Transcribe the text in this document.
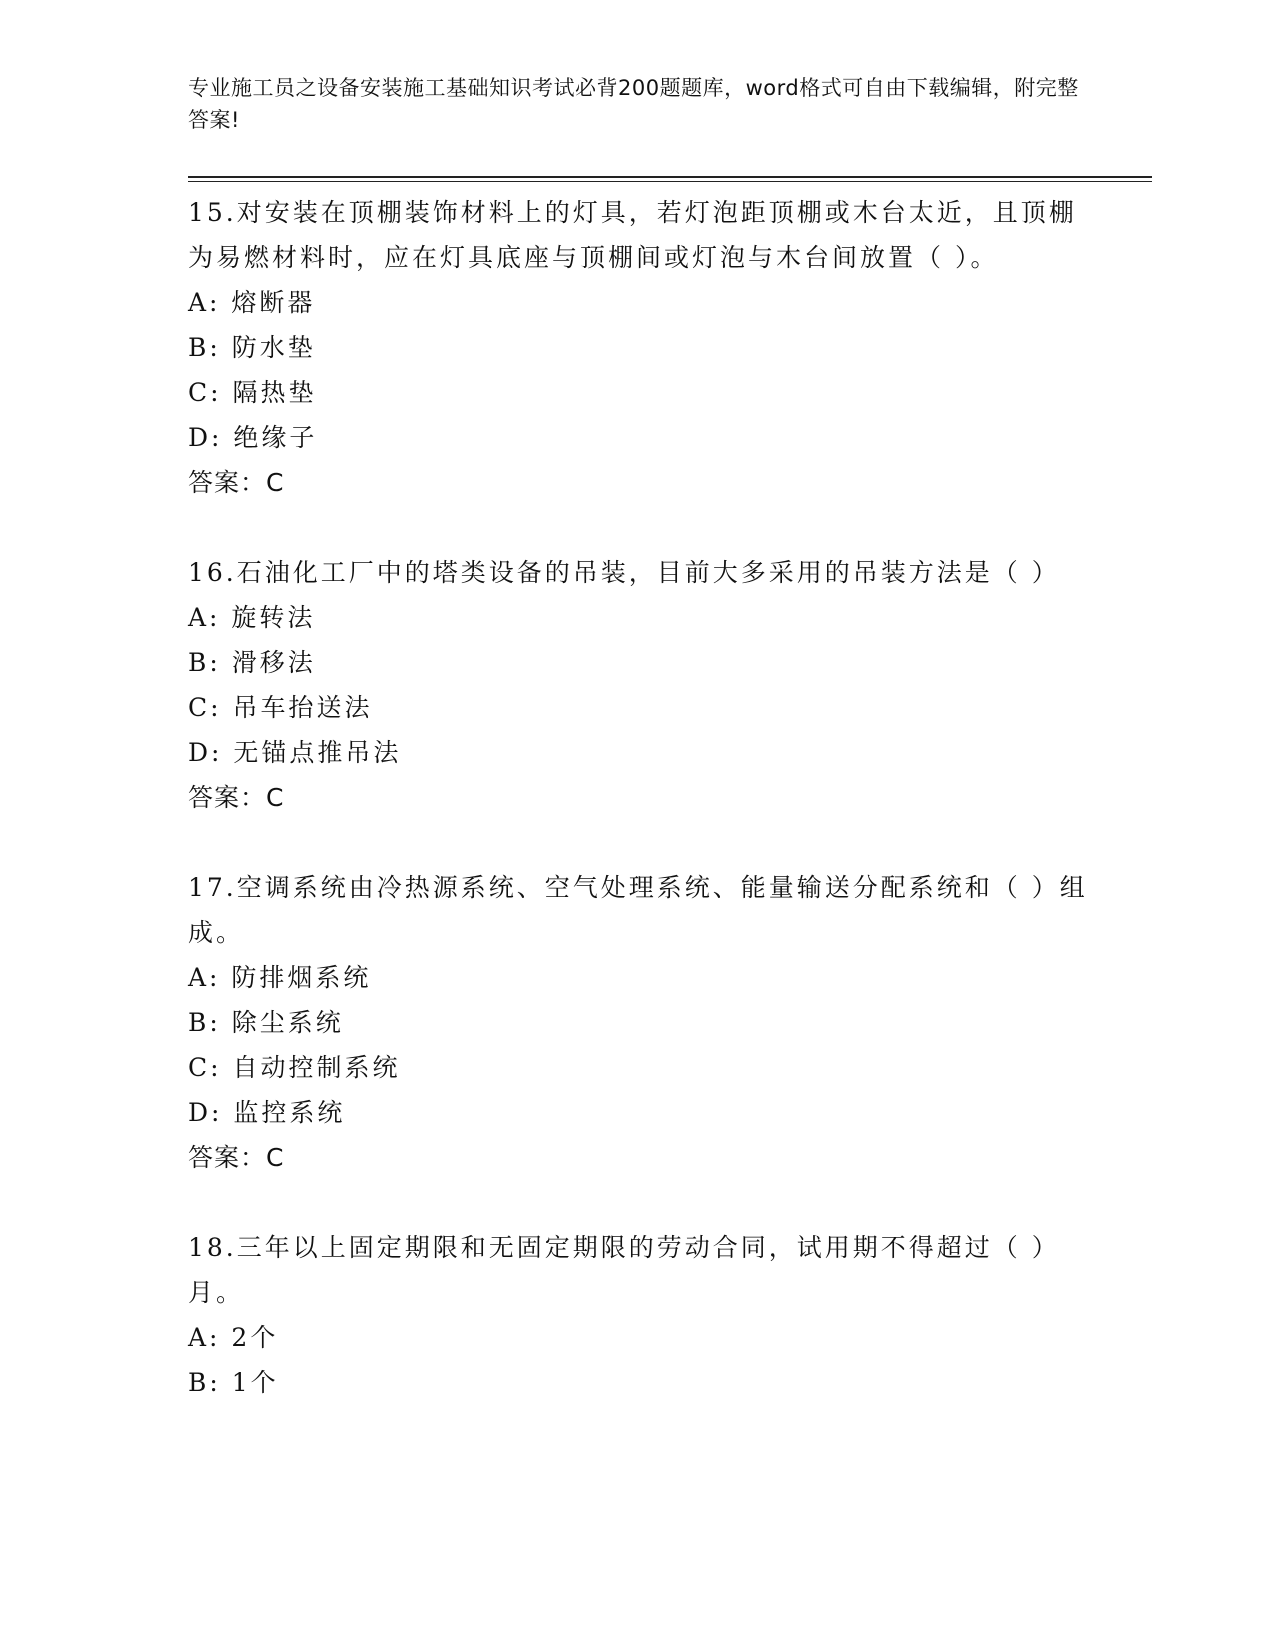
专业施工员之设备安装施工基础知识考试必背200题题库，word格式可自由下载编辑，附完整答案!

15.对安装在顶棚装饰材料上的灯具，若灯泡距顶棚或木台太近，且顶棚为易燃材料时，应在灯具底座与顶棚间或灯泡与木台间放置（ ）。

A: 熔断器

B: 防水垫

C: 隔热垫

D: 绝缘子

答案：C

16.石油化工厂中的塔类设备的吊装，目前大多采用的吊装方法是（ ）

A: 旋转法

B: 滑移法

C: 吊车抬送法

D: 无锚点推吊法

答案：C

17.空调系统由冷热源系统、空气处理系统、能量输送分配系统和（ ）组成。

A: 防排烟系统

B: 除尘系统

C: 自动控制系统

D: 监控系统

答案：C

18.三年以上固定期限和无固定期限的劳动合同，试用期不得超过（ ）月。

A: 2个

B: 1个
